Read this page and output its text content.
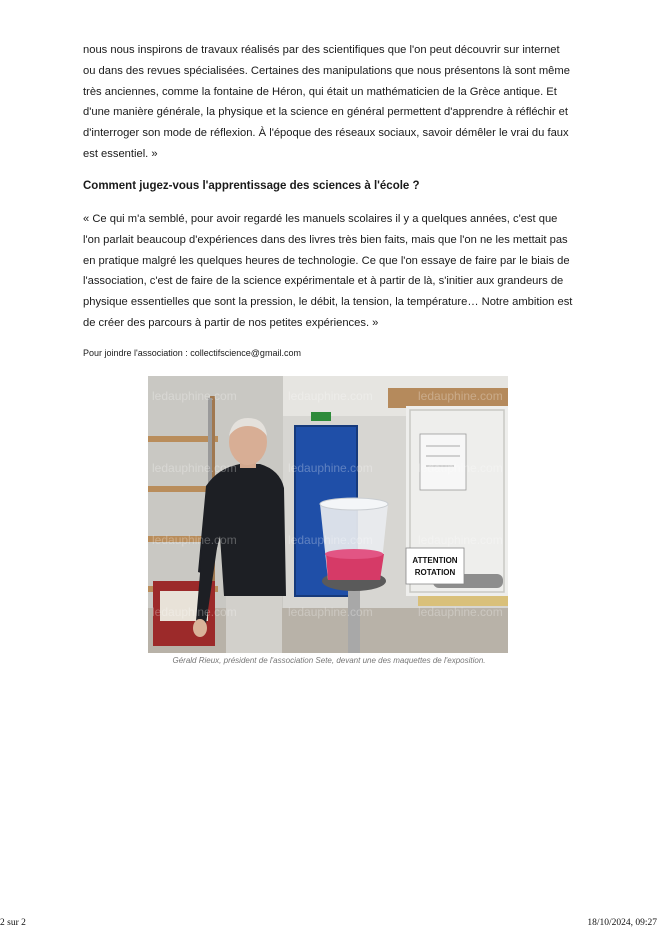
nous nous inspirons de travaux réalisés par des scientifiques que l'on peut découvrir sur internet ou dans des revues spécialisées. Certaines des manipulations que nous présentons là sont même très anciennes, comme la fontaine de Héron, qui était un mathématicien de la Grèce antique. Et d'une manière générale, la physique et la science en général permettent d'apprendre à réfléchir et d'interroger son mode de réflexion. À l'époque des réseaux sociaux, savoir démêler le vrai du faux est essentiel. »

Comment jugez-vous l'apprentissage des sciences à l'école ?

« Ce qui m'a semblé, pour avoir regardé les manuels scolaires il y a quelques années, c'est que l'on parlait beaucoup d'expériences dans des livres très bien faits, mais que l'on ne les mettait pas en pratique malgré les quelques heures de technologie. Ce que l'on essaye de faire par le biais de l'association, c'est de faire de la science expérimentale et à partir de là, s'initier aux grandeurs de physique essentielles que sont la pression, le débit, la tension, la température… Notre ambition est de créer des parcours à partir de nos petites expériences. »

Pour joindre l'association : collectifscience@gmail.com

ATTENTION
ROTATION
ledauphine.com	ledauphine.com	ledauphine.com
ledauphine.com	ledauphine.com	ledauphine.com
ledauphine.com	ledauphine.com	ledauphine.com
ledauphine.com	ledauphine.com	ledauphine.com

Gérald Rieux, président de l'association Sete, devant une des maquettes de l'exposition.

2 sur 2	18/10/2024, 09:27
